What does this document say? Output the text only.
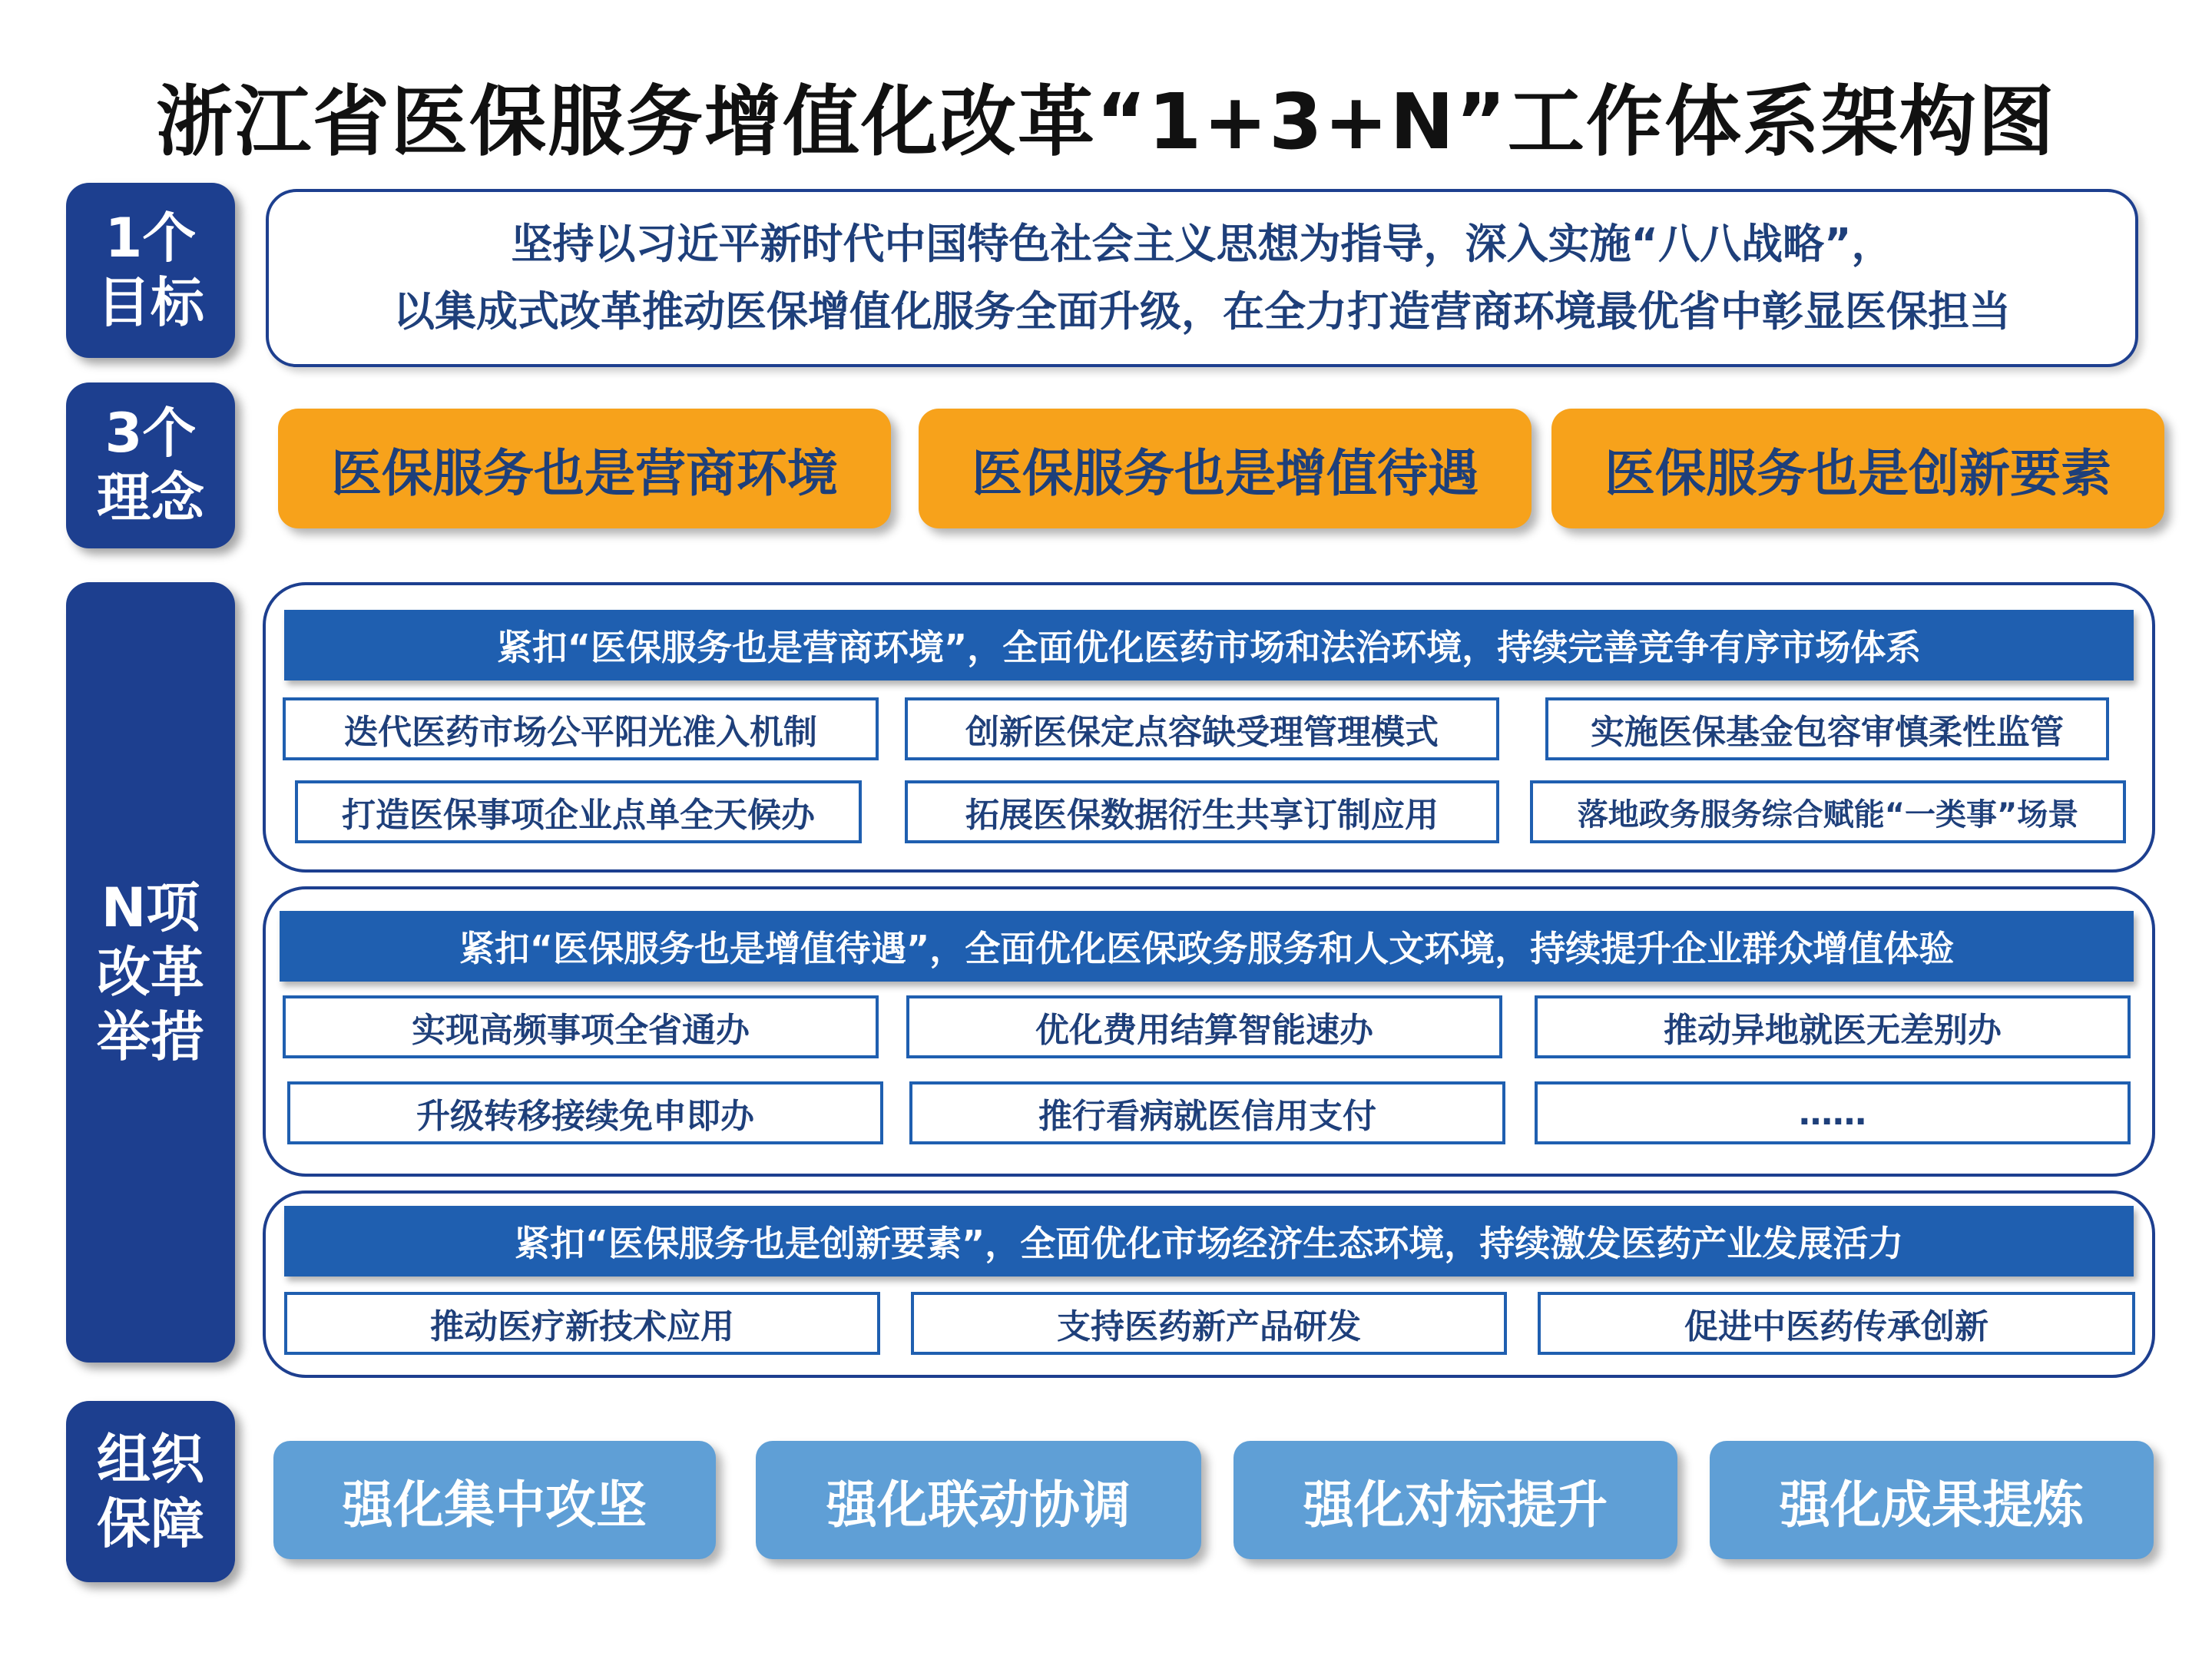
浙江省医保服务增值化改革“1+3+N”工作体系架构图
1个
目标
3个
理念
N项
改革
举措
组织
保障
坚持以习近平新时代中国特色社会主义思想为指导，深入实施“八八战略”，
以集成式改革推动医保增值化服务全面升级，在全力打造营商环境最优省中彰显医保担当
医保服务也是营商环境	医保服务也是增值待遇	医保服务也是创新要素
紧扣“医保服务也是营商环境”，全面优化医药市场和法治环境，持续完善竞争有序市场体系
迭代医药市场公平阳光准入机制	创新医保定点容缺受理管理模式	实施医保基金包容审慎柔性监管
打造医保事项企业点单全天候办	拓展医保数据衍生共享订制应用	落地政务服务综合赋能“一类事”场景
紧扣“医保服务也是增值待遇”，全面优化医保政务服务和人文环境，持续提升企业群众增值体验
实现高频事项全省通办	优化费用结算智能速办	推动异地就医无差别办
升级转移接续免申即办	推行看病就医信用支付	……
紧扣“医保服务也是创新要素”，全面优化市场经济生态环境，持续激发医药产业发展活力
推动医疗新技术应用	支持医药新产品研发	促进中医药传承创新
强化集中攻坚	强化联动协调	强化对标提升	强化成果提炼
